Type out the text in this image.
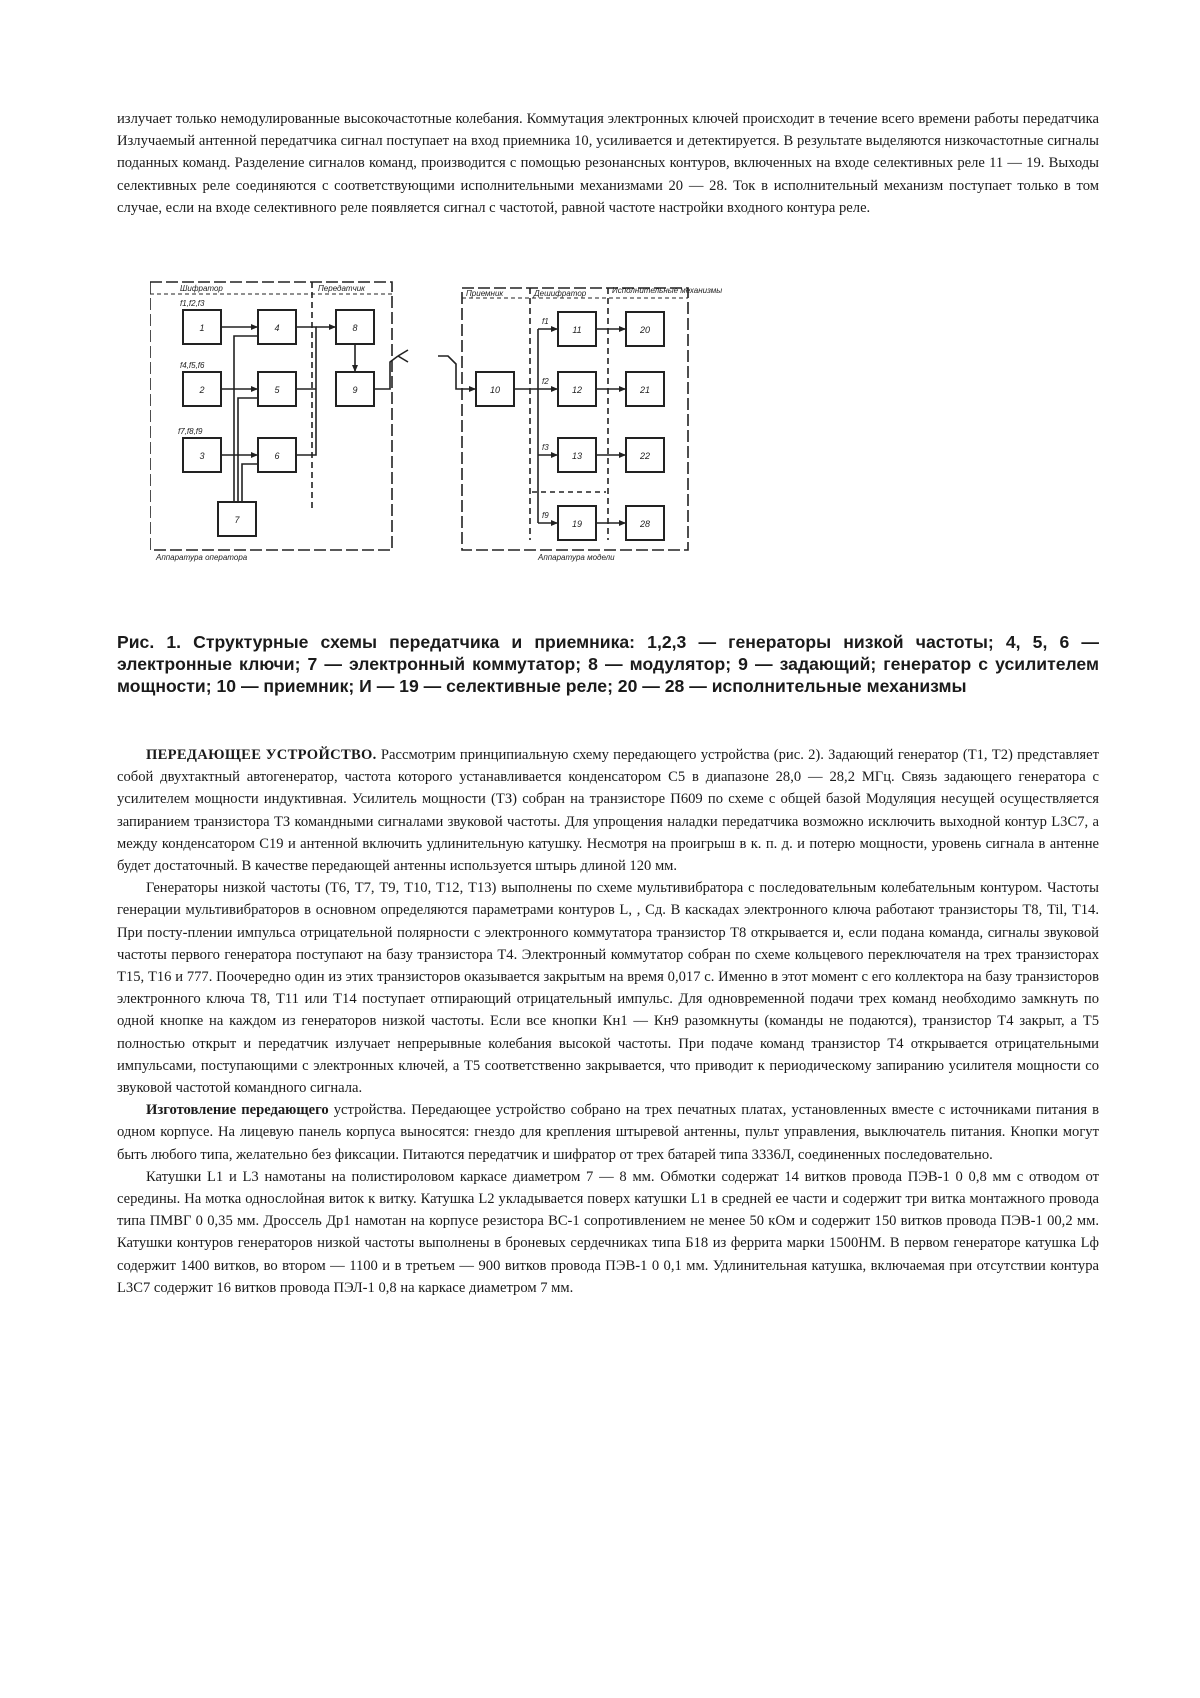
излучает только немодулированные высокочастотные колебания. Коммутация электронных ключей происходит в течение всего времени работы передатчика Излучаемый антенной передатчика сигнал поступает на вход приемника 10, усиливается и детектируется. В результате выделяются низкочастотные сигналы поданных команд. Разделение сигналов команд, производится с помощью резонансных контуров, включенных на входе селективных реле 11 — 19. Выходы селективных реле соединяются с соответствующими исполнительными механизмами 20 — 28. Ток в исполнительный механизм поступает только в том случае, если на входе селективного реле появляется сигнал с частотой, равной частоте настройки входного контура реле.

1
2
3
4
5
6
7
8
9	10
11
12
13
19
20
21
22
28
Шифратор	Передатчик
f1,f2,f3
f4,f5,f6
f7,f8,f9
Аппаратура оператора
Приемник	Дешифратор	Исполнительные механизмы
f1
f2
f3
f9
Аппаратура модели
Рис. 1. Структурные схемы передатчика и приемника: 1,2,3 — генераторы низкой частоты; 4, 5, 6 — электронные ключи; 7 — электронный коммутатор; 8 — модулятор; 9 — задающий; генератор с усилителем мощности; 10 — приемник; И — 19 — селективные реле; 20 — 28 — исполнительные механизмы

ПЕРЕДАЮЩЕЕ УСТРОЙСТВО. Рассмотрим принципиальную схему передающего устройства (рис. 2). Задающий генератор (Т1, Т2) представляет собой двухтактный автогенератор, частота которого устанавливается конденсатором С5 в диапазоне 28,0 — 28,2 МГц. Связь задающего генератора с усилителем мощности индуктивная. Усилитель мощности (ТЗ) собран на транзисторе П609 по схеме с общей базой Модуляция несущей осуществляется запиранием транзистора ТЗ командными сигналами звуковой частоты. Для упрощения наладки передатчика возможно исключить выходной контур L3C7, а между конденсатором С19 и антенной включить удлинительную катушку. Несмотря на проигрыш в к. п. д. и потерю мощности, уровень сигнала в антенне будет достаточный. В качестве передающей антенны используется штырь длиной 120 мм.

Генераторы низкой частоты (Т6, Т7, Т9, Т10, Т12, Т13) выполнены по схеме мультивибратора с последовательным колебательным контуром. Частоты генерации мультивибраторов в основном определяются параметрами контуров L, , Сд. В каскадах электронного ключа работают транзисторы Т8, Til, Т14. При посту-плении импульса отрицательной полярности с электронного коммутатора транзистор Т8 открывается и, если подана команда, сигналы звуковой частоты первого генератора поступают на базу транзистора Т4. Электронный коммутатор собран по схеме кольцевого переключателя на трех транзисторах Т15, Т16 и 777. Поочередно один из этих транзисторов оказывается закрытым на время 0,017 с. Именно в этот момент с его коллектора на базу транзисторов электронного ключа Т8, Т11 или Т14 поступает отпирающий отрицательный импульс. Для одновременной подачи трех команд необходимо замкнуть по одной кнопке на каждом из генераторов низкой частоты. Если все кнопки Кн1 — Кн9 разомкнуты (команды не подаются), транзистор Т4 закрыт, а Т5 полностью открыт и передатчик излучает непрерывные колебания высокой частоты. При подаче команд транзистор Т4 открывается отрицательными импульсами, поступающими с электронных ключей, а Т5 соответственно закрывается, что приводит к периодическому запиранию усилителя мощности со звуковой частотой командного сигнала.

Изготовление передающего устройства. Передающее устройство собрано на трех печатных платах, установленных вместе с источниками питания в одном корпусе. На лицевую панель корпуса выносятся: гнездо для крепления штыревой антенны, пульт управления, выключатель питания. Кнопки могут быть любого типа, желательно без фиксации. Питаются передатчик и шифратор от трех батарей типа 3336Л, соединенных последовательно.

Катушки L1 и L3 намотаны на полистироловом каркасе диаметром 7 — 8 мм. Обмотки содержат 14 витков провода ПЭВ-1 0 0,8 мм с отводом от середины. На мотка однослойная виток к витку. Катушка L2 укладывается поверх катушки L1 в средней ее части и содержит три витка монтажного провода типа ПМВГ 0 0,35 мм. Дроссель Др1 намотан на корпусе резистора ВС-1 сопротивлением не менее 50 кОм и содержит 150 витков провода ПЭВ-1 00,2 мм. Катушки контуров генераторов низкой частоты выполнены в броневых сердечниках типа Б18 из феррита марки 1500НМ. В первом генераторе катушка Lф содержит 1400 витков, во втором — 1100 и в третьем — 900 витков провода ПЭВ-1 0 0,1 мм. Удлинительная катушка, включаемая при отсутствии контура L3C7 содержит 16 витков провода ПЭЛ-1 0,8 на каркасе диаметром 7 мм.
